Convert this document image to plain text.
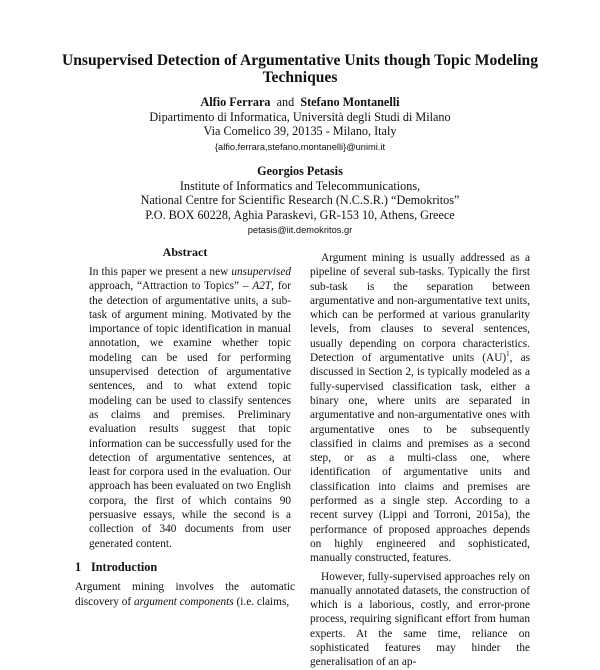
Unsupervised Detection of Argumentative Units though Topic Modeling Techniques
Alfio Ferrara and Stefano Montanelli
Dipartimento di Informatica, Università degli Studi di Milano
Via Comelico 39, 20135 - Milano, Italy
{alfio.ferrara,stefano.montanelli}@unimi.it
Georgios Petasis
Institute of Informatics and Telecommunications,
National Centre for Scientific Research (N.C.S.R.) “Demokritos”
P.O. BOX 60228, Aghia Paraskevi, GR-153 10, Athens, Greece
petasis@iit.demokritos.gr
Abstract

In this paper we present a new unsupervised approach, “Attraction to Topics” – A2T, for the detection of argumentative units, a sub-task of argument mining. Motivated by the importance of topic identification in manual annotation, we examine whether topic modeling can be used for performing unsupervised detection of argumentative sentences, and to what extend topic modeling can be used to classify sentences as claims and premises. Preliminary evaluation results suggest that topic information can be successfully used for the detection of argumentative sentences, at least for corpora used in the evaluation. Our approach has been evaluated on two English corpora, the first of which contains 90 persuasive essays, while the second is a collection of 340 documents from user generated content.

1 Introduction

Argument mining involves the automatic discovery of argument components (i.e. claims,

Argument mining is usually addressed as a pipeline of several sub-tasks. Typically the first sub-task is the separation between argumentative and non-argumentative text units, which can be performed at various granularity levels, from clauses to several sentences, usually depending on corpora characteristics. Detection of argumentative units (AU)$^1$, as discussed in Section 2, is typically modeled as a fully-supervised classification task, either a binary one, where units are separated in argumentative and non-argumentative ones with argumentative ones to be subsequently classified in claims and premises as a second step, or as a multi-class one, where identification of argumentative units and classification into claims and premises are performed as a single step. According to a recent survey (Lippi and Torroni, 2015a), the performance of proposed approaches depends on highly engineered and sophisticated, manually constructed, features.

However, fully-supervised approaches rely on manually annotated datasets, the construction of which is a laborious, costly, and error-prone process, requiring significant effort from human experts. At the same time, reliance on sophisticated features may hinder the generalisation of an ap-
